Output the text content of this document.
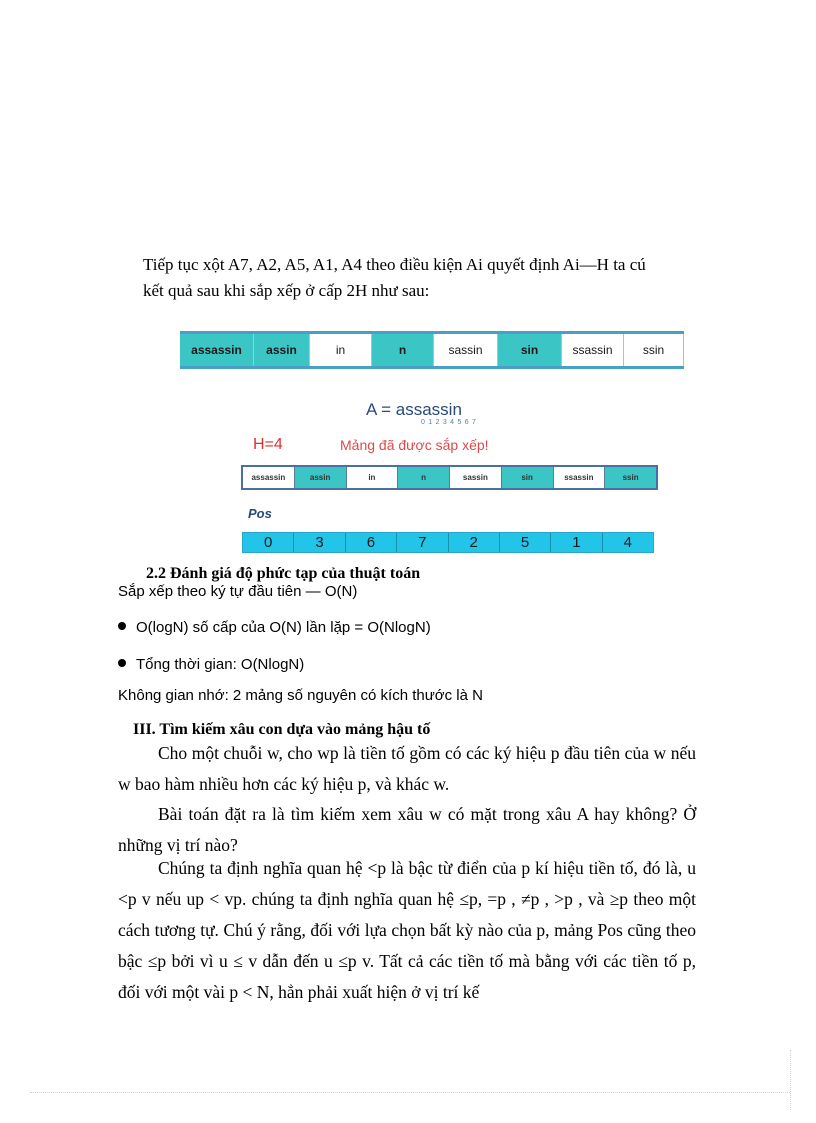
Tiếp tục xột A7, A2, A5, A1, A4 theo điều kiện Ai quyết định Ai—H ta cú
kết quả sau khi sắp xếp ở cấp 2H như sau:
assassin	assin	in	n	sassin	sin	ssassin	ssin
A = assassin
01234567
H=4	Mảng đã được sắp xếp!
assassin	assin	in	n	sassin	sin	ssassin	ssin
Pos
0	3	6	7	2	5	1	4
2.2 Đánh giá độ phức tạp của thuật toán
Sắp xếp theo ký tự đầu tiên — O(N)
O(logN) số cấp của O(N) lần lặp = O(NlogN)
Tổng thời gian: O(NlogN)
Không gian nhớ: 2 mảng số nguyên có kích thước là N
III. Tìm kiếm xâu con dựa vào mảng hậu tố
Cho một chuỗi w, cho wp là tiền tố gồm có các ký hiệu p đầu tiên của w nếu w bao hàm nhiều hơn các ký hiệu p, và khác w.
Bài toán đặt ra là tìm kiếm xem xâu w có mặt trong xâu A hay không? Ở những vị trí nào?
Chúng ta định nghĩa quan hệ <p là bậc từ điển của p kí hiệu tiền tố, đó là, u <p v nếu up < vp. chúng ta định nghĩa quan hệ ≤p, =p , ≠p , >p , và ≥p theo một cách tương tự. Chú ý rằng, đối với lựa chọn bất kỳ nào của p, mảng Pos cũng theo bậc ≤p bởi vì u ≤ v dẫn đến u ≤p v. Tất cả các tiền tố mà bằng với các tiền tố p, đối với một vài p < N, hẳn phải xuất hiện ở vị trí kế
